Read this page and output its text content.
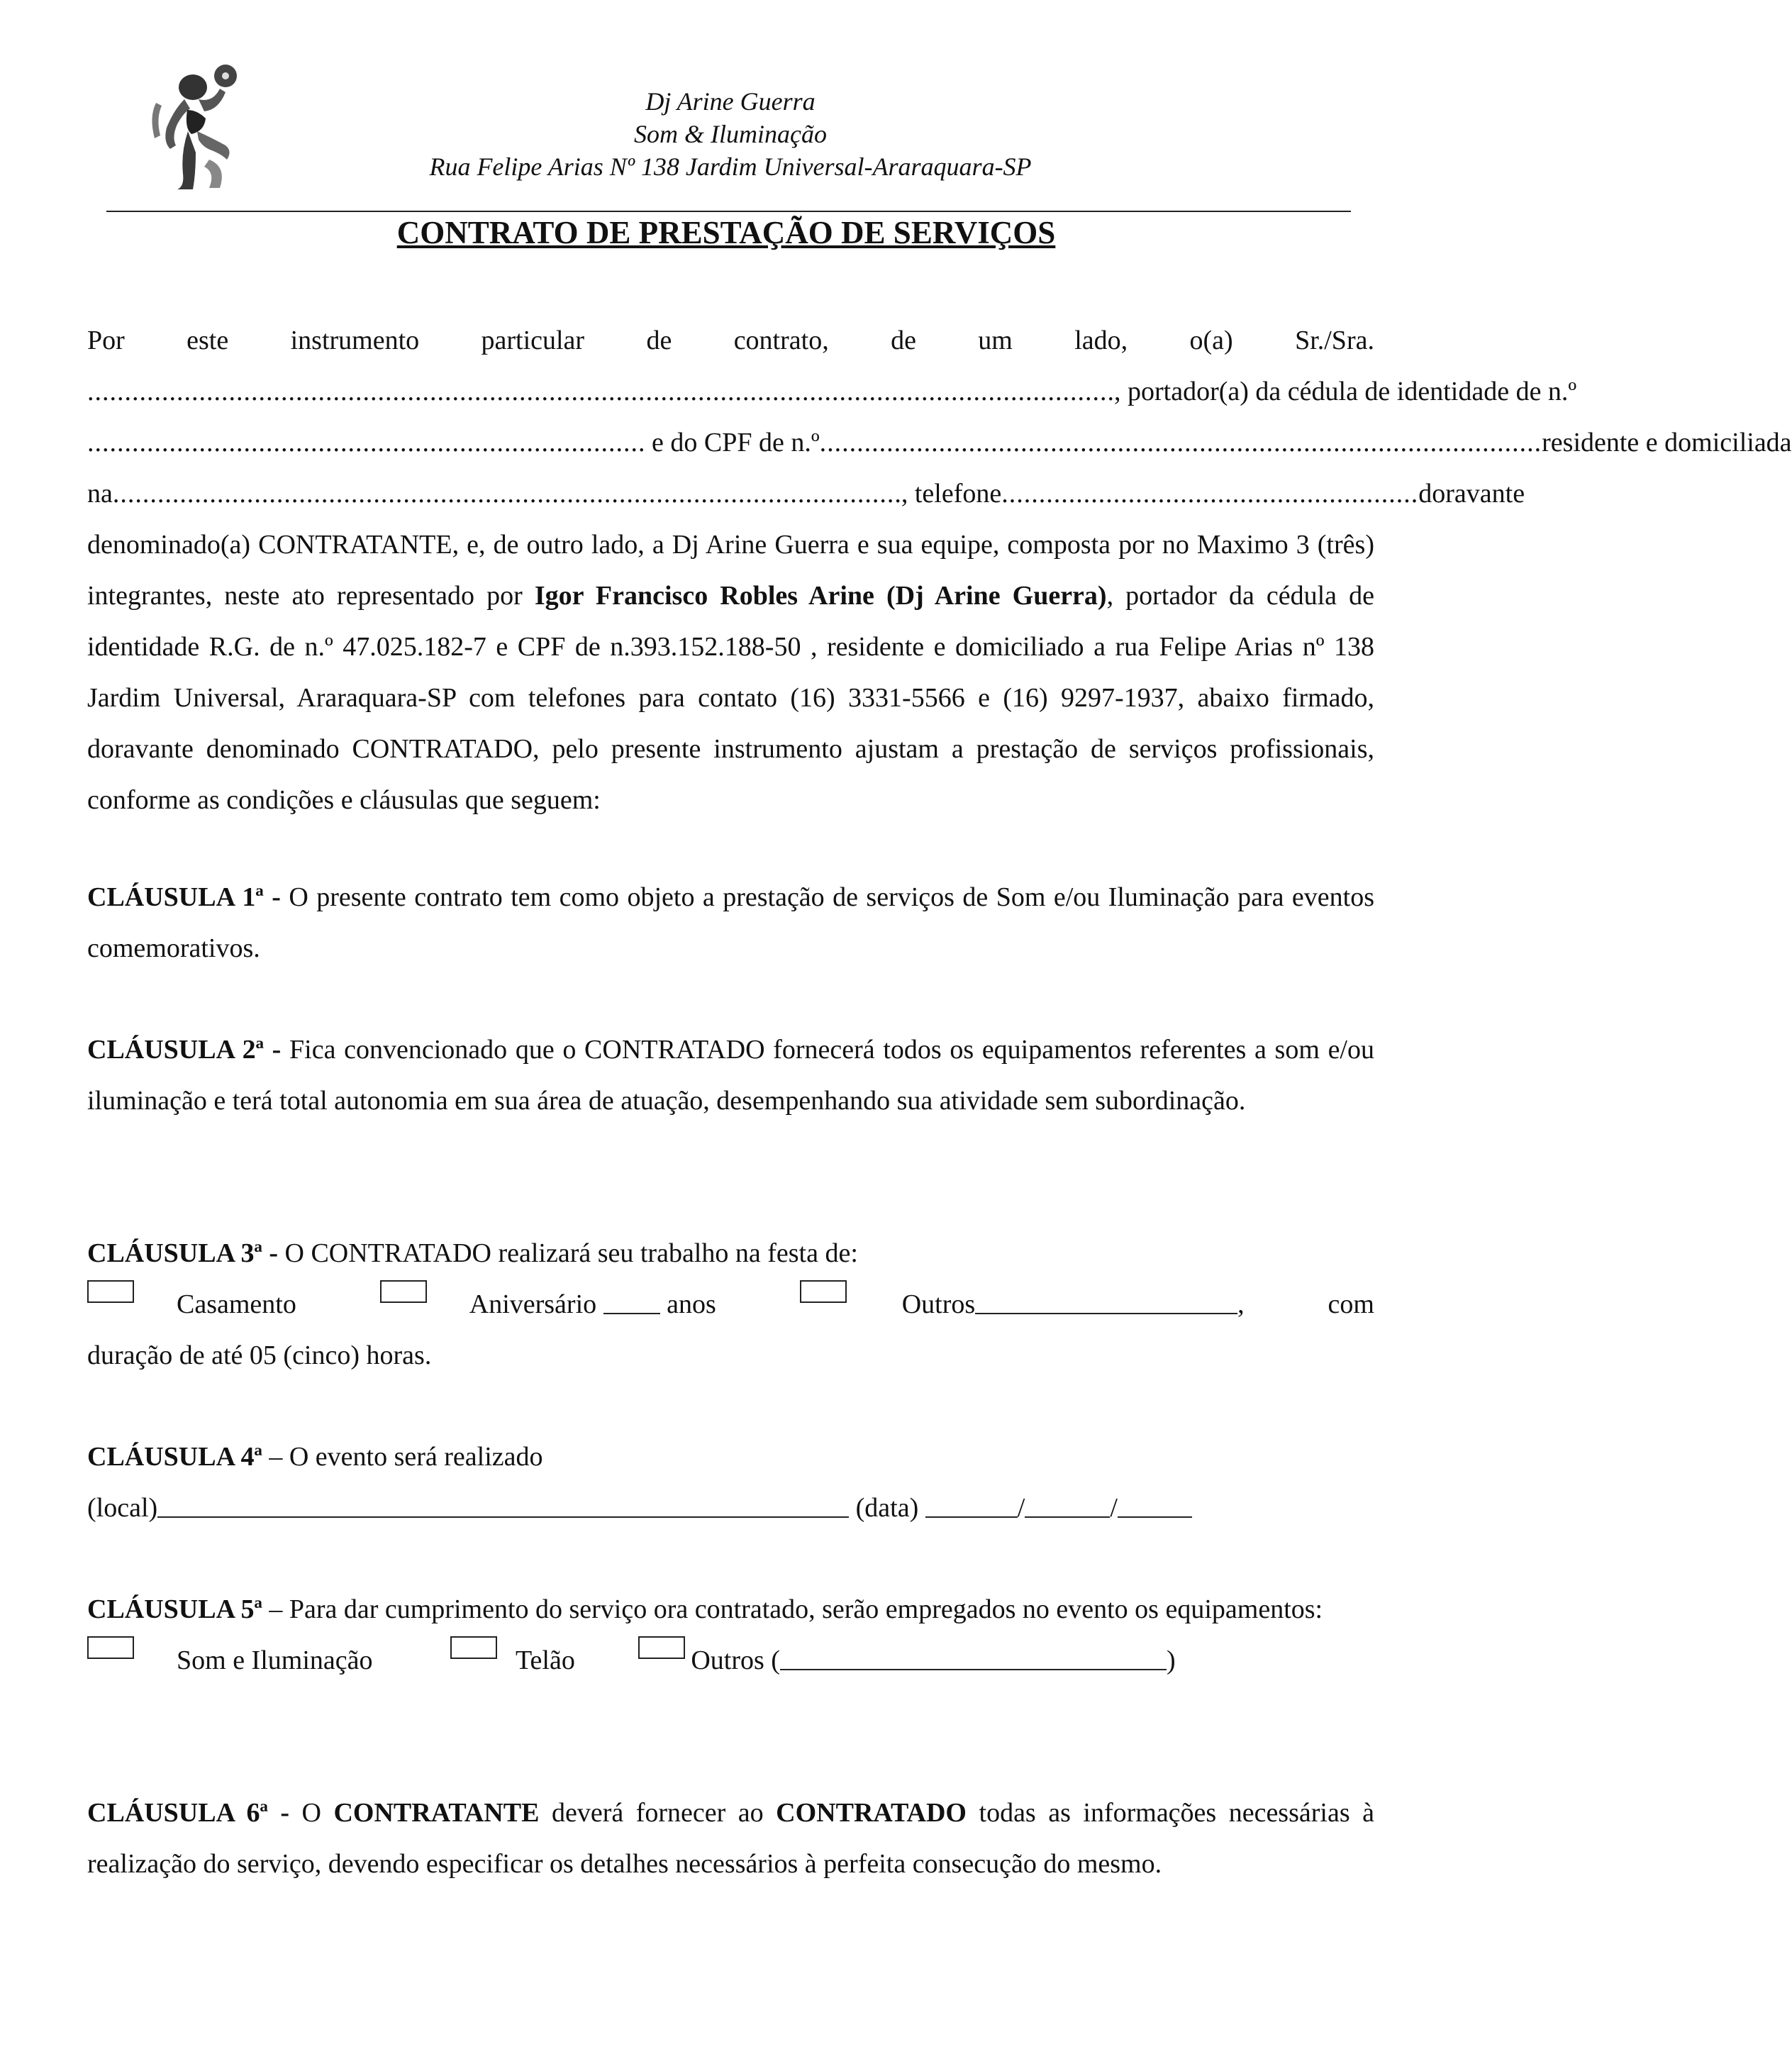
Dj Arine Guerra
Som & Iluminação
Rua Felipe Arias Nº 138 Jardim Universal-Araraquara-SP
CONTRATO DE PRESTAÇÃO DE SERVIÇOS
Por este instrumento particular de contrato, de um lado, o(a) Sr./Sra.
......................................................................................................................................... ., portador(a) da cédula de identidade de n.º
.......................................................................... . e do CPF de n.º ................................................................................................. residente e domiciliada
na ......................................................................................................... ., telefone ........................................................ doravante
denominado(a) CONTRATANTE, e, de outro lado, a Dj Arine Guerra e sua equipe, composta por no Maximo 3 (três) integrantes, neste ato representado por Igor Francisco Robles Arine (Dj Arine Guerra), portador da cédula de identidade R.G. de n.º 47.025.182-7 e CPF de n.393.152.188-50 , residente e domiciliado a rua Felipe Arias nº 138 Jardim Universal, Araraquara-SP com telefones para contato (16) 3331-5566 e (16) 9297-1937, abaixo firmado, doravante denominado CONTRATADO, pelo presente instrumento ajustam a prestação de serviços profissionais, conforme as condições e cláusulas que seguem:
CLÁUSULA 1ª - O presente contrato tem como objeto a prestação de serviços de Som e/ou Iluminação para eventos comemorativos.
CLÁUSULA 2ª - Fica convencionado que o CONTRATADO fornecerá todos os equipamentos referentes a som e/ou iluminação e terá total autonomia em sua área de atuação, desempenhando sua atividade sem subordinação.
CLÁUSULA 3ª - O CONTRATADO realizará seu trabalho na festa de:
Casamento	Aniversário	anos	Outros	,	com
duração de até 05 (cinco) horas.
CLÁUSULA 4ª – O evento será realizado
(local)	(data)	/	/
CLÁUSULA 5ª – Para dar cumprimento do serviço ora contratado, serão empregados no evento os equipamentos:
Som e Iluminação	Telão	Outros (	)
CLÁUSULA 6ª - O CONTRATANTE deverá fornecer ao CONTRATADO todas as informações necessárias à realização do serviço, devendo especificar os detalhes necessários à perfeita consecução do mesmo.
